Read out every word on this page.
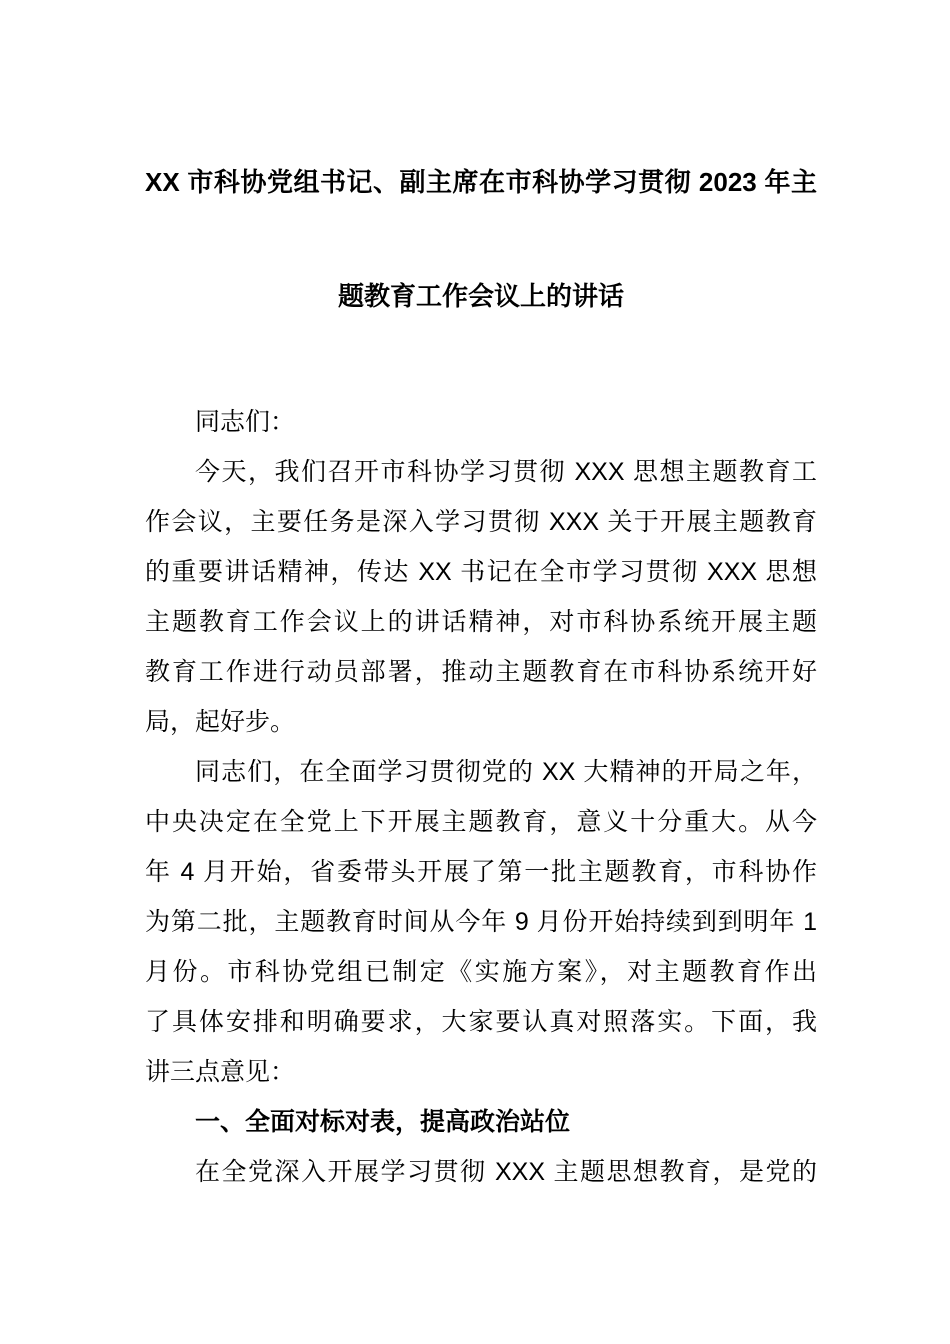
XX 市科协党组书记、副主席在市科协学习贯彻 2023 年主
题教育工作会议上的讲话
同志们：
今天，我们召开市科协学习贯彻 XXX 思想主题教育工
作会议，主要任务是深入学习贯彻 XXX 关于开展主题教育
的重要讲话精神，传达 XX 书记在全市学习贯彻 XXX 思想
主题教育工作会议上的讲话精神，对市科协系统开展主题
教育工作进行动员部署，推动主题教育在市科协系统开好
局，起好步。
同志们，在全面学习贯彻党的 XX 大精神的开局之年，
中央决定在全党上下开展主题教育，意义十分重大。从今
年 4 月开始，省委带头开展了第一批主题教育，市科协作
为第二批，主题教育时间从今年 9 月份开始持续到到明年 1
月份。市科协党组已制定《实施方案》，对主题教育作出
了具体安排和明确要求，大家要认真对照落实。下面，我
讲三点意见：
一、全面对标对表，提高政治站位
在全党深入开展学习贯彻 XXX 主题思想教育，是党的
